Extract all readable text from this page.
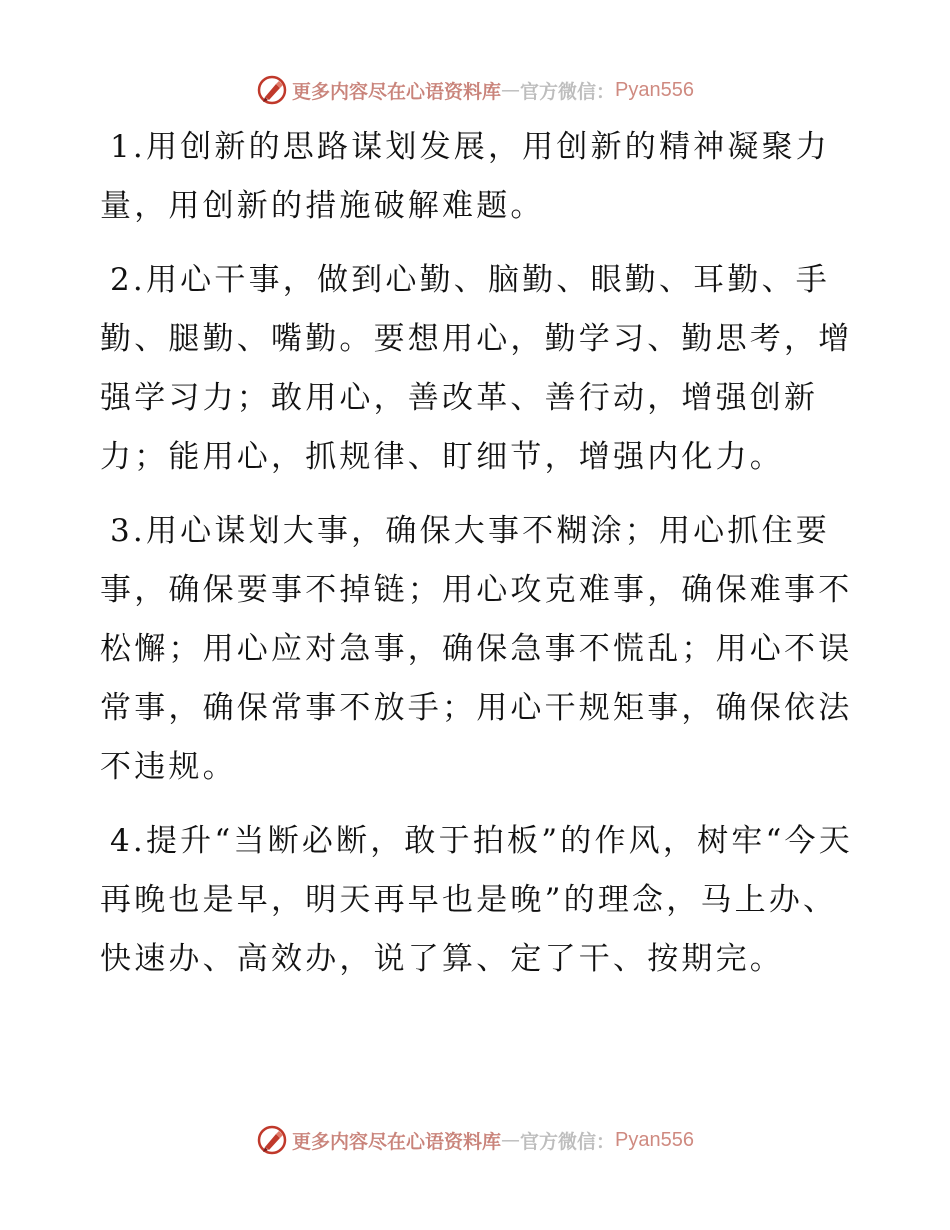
更多内容尽在心语资料库 — 官方微信： Pyan556

1.用创新的思路谋划发展，用创新的精神凝聚力量，用创新的措施破解难题。

2.用心干事，做到心勤、脑勤、眼勤、耳勤、手勤、腿勤、嘴勤。要想用心，勤学习、勤思考，增强学习力；敢用心，善改革、善行动，增强创新力；能用心，抓规律、盯细节，增强内化力。

3.用心谋划大事，确保大事不糊涂；用心抓住要事，确保要事不掉链；用心攻克难事，确保难事不松懈；用心应对急事，确保急事不慌乱；用心不误常事，确保常事不放手；用心干规矩事，确保依法不违规。

4.提升“当断必断，敢于拍板”的作风，树牢“今天再晚也是早，明天再早也是晚”的理念，马上办、快速办、高效办，说了算、定了干、按期完。

更多内容尽在心语资料库 — 官方微信： Pyan556
